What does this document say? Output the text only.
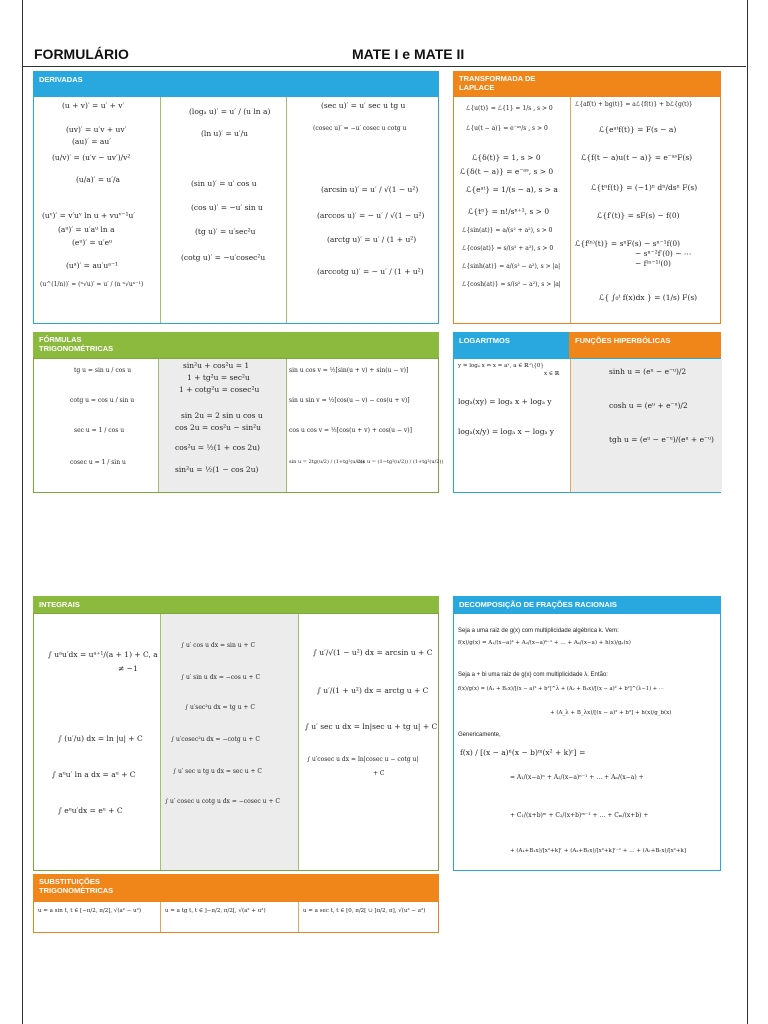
FORMULÁRIO	MATE I e MATE II
DERIVADAS
(u + v)′ = u′ + v′
(uv)′ = u′v + uv′
(au)′ = au′
(u/v)′ = (u′v − uv′)/v²
(u/a)′ = u′/a
(uᵛ)′ = v′uᵛ ln u + vuᵛ⁻¹u′
(aᵘ)′ = u′aᵘ ln a
(eᵘ)′ = u′eᵘ
(uᵃ)′ = au′uᵃ⁻¹
(u^(1/n))′ = (ⁿ√u)′ = u′ / (n ⁿ√uⁿ⁻¹)
(logₐ u)′ = u′ / (u ln a)
(ln u)′ = u′/u
(sin u)′ = u′ cos u
(cos u)′ = −u′ sin u
(tg u)′ = u′sec²u
(cotg u)′ = −u′cosec²u
(sec u)′ = u′ sec u tg u
(cosec u)′ = −u′ cosec u cotg u
(arcsin u)′ = u′ / √(1 − u²)
(arccos u)′ = − u′ / √(1 − u²)
(arctg u)′ = u′ / (1 + u²)
(arccotg u)′ = − u′ / (1 + u²)
TRANSFORMADA DE LAPLACE
ℒ{u(t)} = ℒ{1} = 1/s , s > 0
ℒ{u(t − a)} = e⁻ᵃˢ/s , s > 0
ℒ{δ(t)} = 1, s > 0
ℒ{δ(t − a)} = e⁻ᵃˢ, s > 0
ℒ{eᵃᵗ} = 1/(s − a), s > a
ℒ{tⁿ} = n!/sⁿ⁺¹, s > 0
ℒ{sin(at)} = a/(s² + a²), s > 0
ℒ{cos(at)} = s/(s² + a²), s > 0
ℒ{sinh(at)} = a/(s² − a²), s > |a|
ℒ{cosh(at)} = s/(s² − a²), s > |a|
ℒ{af(t) + bg(t)} = aℒ{f(t)} + bℒ{g(t)}
ℒ{eᵃᵗf(t)} = F(s − a)
ℒ{f(t − a)u(t − a)} = e⁻ᵃˢF(s)
ℒ{tⁿf(t)} = (−1)ⁿ dⁿ/dsⁿ F(s)
ℒ{f′(t)} = sF(s) − f(0)
ℒ{f⁽ⁿ⁾(t)} = sⁿF(s) − sⁿ⁻¹f(0)
− sⁿ⁻²f′(0) − ⋯
− f⁽ⁿ⁻¹⁾(0)
ℒ{ ∫₀ᵗ f(x)dx } = (1/s) F(s)
FÓRMULAS TRIGONOMÉTRICAS
tg u = sin u / cos u
cotg u = cos u / sin u
sec u = 1 / cos u
cosec u = 1 / sin u
sin²u + cos²u = 1
1 + tg²u = sec²u
1 + cotg²u = cosec²u
sin 2u = 2 sin u cos u
cos 2u = cos²u − sin²u
cos²u = ½(1 + cos 2u)
sin²u = ½(1 − cos 2u)
sin u cos v = ½[sin(u + v) + sin(u − v)]
sin u sin v = ½[cos(u − v) − cos(u + v)]
cos u cos v = ½[cos(u + v) + cos(u − v)]
sin u = 2tg(u/2) / (1+tg²(u/2))
cos u = (1−tg²(u/2)) / (1+tg²(u/2))
LOGARITMOS	FUNÇÕES HIPERBÓLICAS
y = logₐ x ⇔ x = aʸ, a ∈ ℝ⁺\{0}
x ∈ ℝ
logₐ(xy) = logₐ x + logₐ y
logₐ(x/y) = logₐ x − logₐ y
sinh u = (eᵘ − e⁻ᵘ)/2
cosh u = (eᵘ + e⁻ᵘ)/2
tgh u = (eᵘ − e⁻ᵘ)/(eᵘ + e⁻ᵘ)
INTEGRAIS
∫ uᵃu′dx = uᵃ⁺¹/(a + 1) + C, a
≠ −1
∫ (u′/u) dx = ln |u| + C
∫ aᵘu′ ln a dx = aᵘ + C
∫ eᵘu′dx = eᵘ + C
∫ u′ cos u dx = sin u + C
∫ u′ sin u dx = −cos u + C
∫ u′sec²u dx = tg u + C
∫ u′cosec²u dx = −cotg u + C
∫ u′ sec u tg u dx = sec u + C
∫ u′ cosec u cotg u dx = −cosec u + C
∫ u′/√(1 − u²) dx = arcsin u + C
∫ u′/(1 + u²) dx = arctg u + C
∫ u′ sec u dx = ln|sec u + tg u| + C
∫ u′cosec u dx = ln|cosec u − cotg u|
+ C
DECOMPOSIÇÃO DE FRAÇÕES RACIONAIS
Seja a uma raiz de g(x) com multiplicidade algébrica k. Vem:
f(x)/g(x) = A₁/(x−a)ᵏ + A₂/(x−a)ᵏ⁻¹ + … + Aₖ/(x−a) + h(x)/gₐ(x)
Seja a + bi uma raiz de g(x) com multiplicidade λ. Então:
f(x)/g(x) = (A₁ + B₁x)/[(x − a)² + b²]^λ + (A₂ + B₂x)/[(x − a)² + b²]^(λ−1) + ⋯
+ (A_λ + B_λx)/[(x − a)² + b²] + h(x)/g_b(x)
Genericamente,
f(x) / [(x − a)ⁿ(x − b)ᵐ(x² + k)ʳ] =
= A₁/(x−a)ⁿ + A₂/(x−a)ⁿ⁻¹ + … + Aₙ/(x−a) +
+ C₁/(x+b)ᵐ + C₂/(x+b)ᵐ⁻¹ + … + Cₘ/(x+b) +
+ (A₁+B₁x)/[x²+k]ʳ + (A₂+B₂x)/[x²+k]ʳ⁻¹ + … + (Aᵣ+Bᵣx)/[x²+k]
SUBSTITUIÇÕES TRIGONOMÉTRICAS
u = a sin t, t ∈ [−π/2, π/2], √(a² − u²)	u = a tg t, t ∈ ]−π/2, π/2[, √(a² + u²)	u = a sec t, t ∈ [0, π/2[ ∪ ]π/2, π], √(u² − a²)
